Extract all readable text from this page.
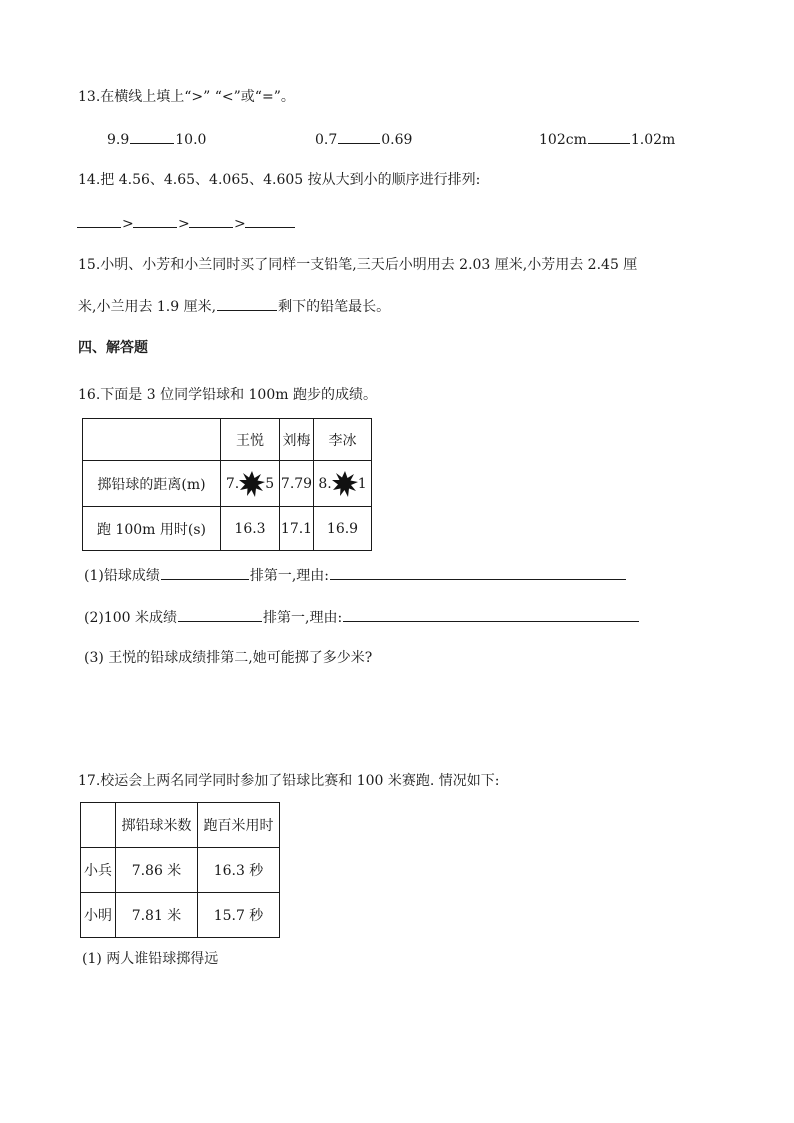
13.在横线上填上“>” “<”或“=”。
9.9	10.0	0.7	0.69	102cm	1.02m
14.把 4.56、4.65、4.065、4.605 按从大到小的顺序进行排列:
>	>	>
15.小明、小芳和小兰同时买了同样一支铅笔,三天后小明用去 2.03 厘米,小芳用去 2.45 厘
米,小兰用去 1.9 厘米,	剩下的铅笔最长。
四、解答题
16.下面是 3 位同学铅球和 100m 跑步的成绩。
	王悦	刘梅	李冰
掷铅球的距离(m)	7. 5	7.79	8. 1
跑 100m 用时(s)	16.3	17.1	16.9
(1)铅球成绩	排第一,理由:
(2)100 米成绩	排第一,理由:
(3) 王悦的铅球成绩排第二,她可能掷了多少米?
17.校运会上两名同学同时参加了铅球比赛和 100 米赛跑. 情况如下:
	掷铅球米数	跑百米用时
小兵	7.86 米	16.3 秒
小明	7.81 米	15.7 秒
(1) 两人谁铅球掷得远
